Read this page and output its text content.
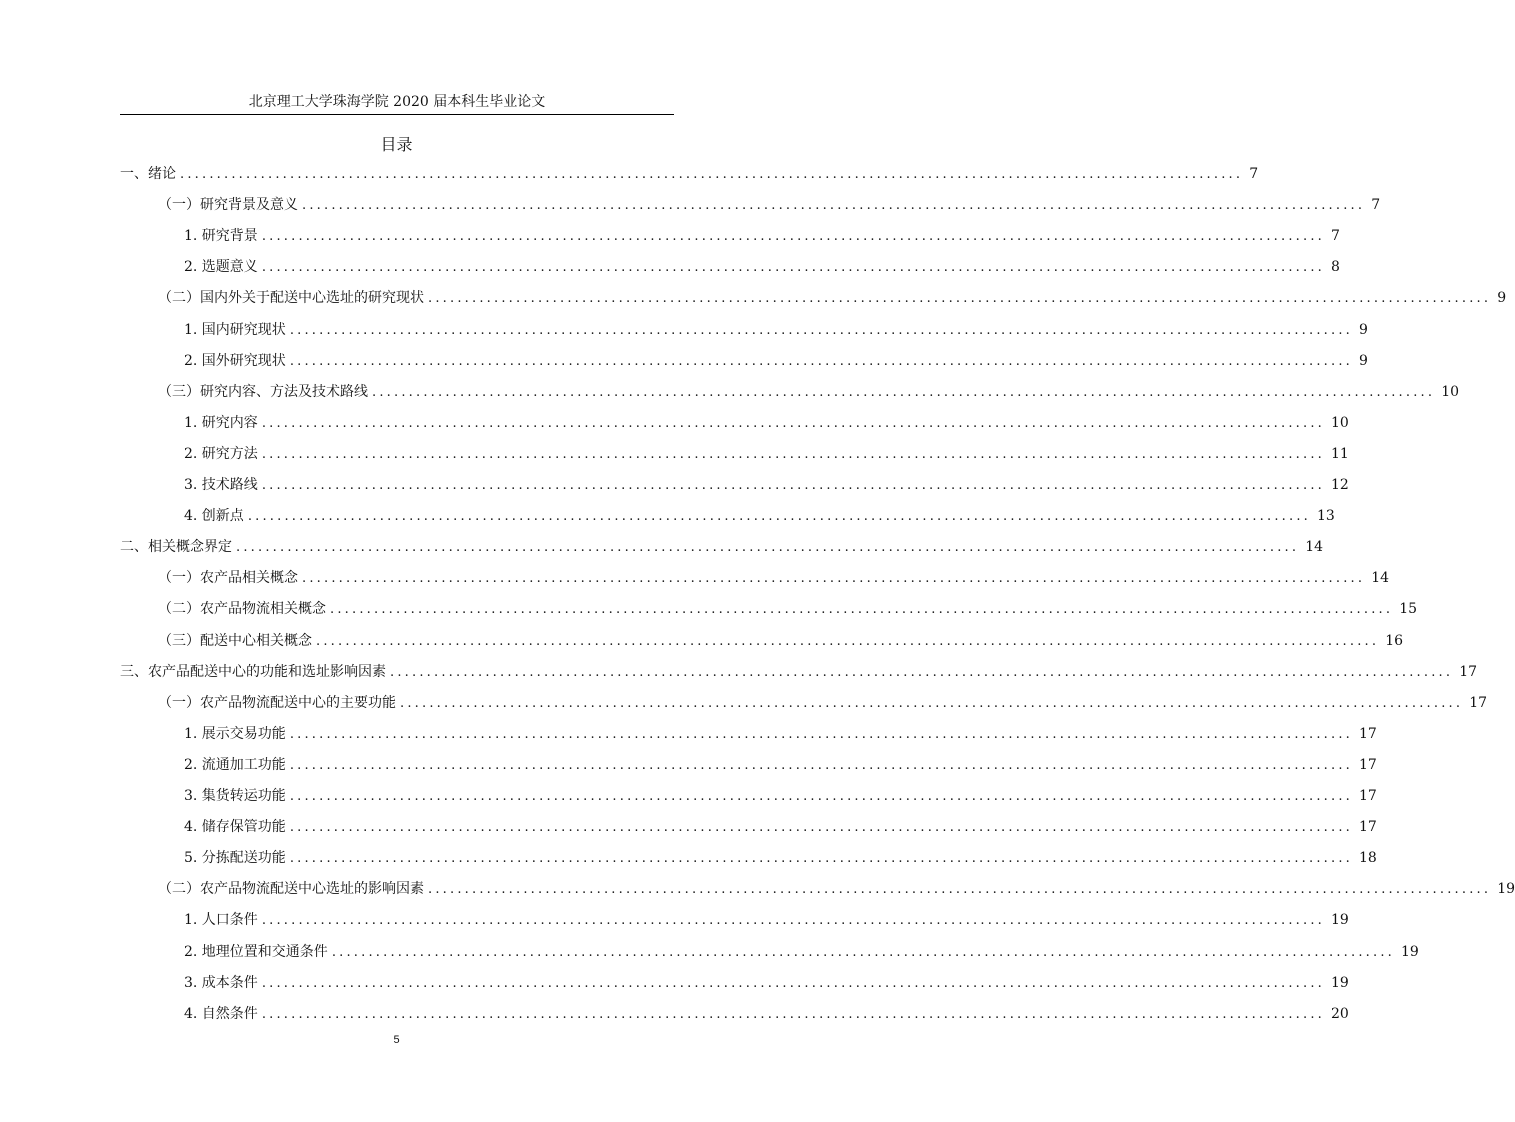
北京理工大学珠海学院 2020 届本科生毕业论文
目录
一、绪论 ................................................................................................................................................. 7
（一）研究背景及意义 ................................................................................................................................................. 7
1. 研究背景 ................................................................................................................................................. 7
2. 选题意义 ................................................................................................................................................. 8
（二）国内外关于配送中心选址的研究现状 ................................................................................................................................................. 9
1. 国内研究现状 ................................................................................................................................................. 9
2. 国外研究现状 ................................................................................................................................................. 9
（三）研究内容、方法及技术路线 ................................................................................................................................................. 10
1. 研究内容 ................................................................................................................................................. 10
2. 研究方法 ................................................................................................................................................. 11
3. 技术路线 ................................................................................................................................................. 12
4. 创新点 ................................................................................................................................................. 13
二、相关概念界定 ................................................................................................................................................. 14
（一）农产品相关概念 ................................................................................................................................................. 14
（二）农产品物流相关概念 ................................................................................................................................................. 15
（三）配送中心相关概念 ................................................................................................................................................. 16
三、农产品配送中心的功能和选址影响因素 ................................................................................................................................................. 17
（一）农产品物流配送中心的主要功能 ................................................................................................................................................. 17
1. 展示交易功能 ................................................................................................................................................. 17
2. 流通加工功能 ................................................................................................................................................. 17
3. 集货转运功能 ................................................................................................................................................. 17
4. 储存保管功能 ................................................................................................................................................. 17
5. 分拣配送功能 ................................................................................................................................................. 18
（二）农产品物流配送中心选址的影响因素 ................................................................................................................................................. 19
1. 人口条件 ................................................................................................................................................. 19
2. 地理位置和交通条件 ................................................................................................................................................. 19
3. 成本条件 ................................................................................................................................................. 19
4. 自然条件 ................................................................................................................................................. 20
5
